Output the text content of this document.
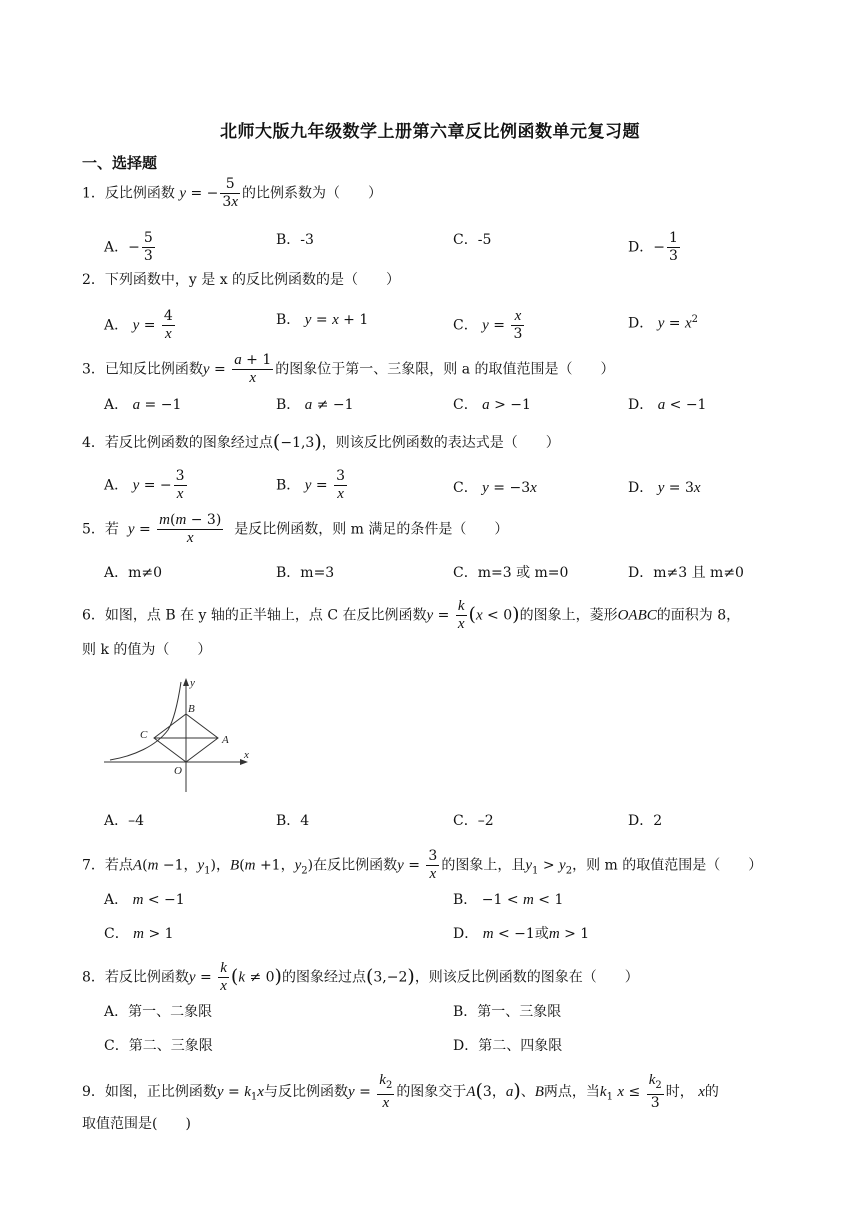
北师大版九年级数学上册第六章反比例函数单元复习题
一、选择题
1．反比例函数 y = − $\frac{5}{3x}$ 的比例系数为（　　）
A．− $\frac{5}{3}$	B．-3	C．-5	D．− $\frac{1}{3}$
2．下列函数中，y 是 x 的反比例函数的是（　　）
A． $y = \frac{4}{x}$	B． y = x + 1	C． $y = \frac{x}{3}$	D． $y = x^2$
3．已知反比例函数$y = \frac{a + 1}{x}$ 的图象位于第一、三象限，则 a 的取值范围是（　　）
A． a = −1	B． a ≠ −1	C． a > −1	D． a < −1
4．若反比例函数的图象经过点(−1,3)，则该反比例函数的表达式是（　　）
A． y = − $\frac{3}{x}$	B． $y = \frac{3}{x}$	C． y = −3x	D． y = 3x
5．若 $y = \frac{m(m - 3)}{x}$ 是反比例函数，则 m 满足的条件是（　　）
A．m≠0	B．m=3	C．m=3 或 m=0	D．m≠3 且 m≠0
6．如图，点 B 在 y 轴的正半轴上，点 C 在反比例函数$y = \frac{k}{x} (x < 0)$的图象上，菱形OABC的面积为 8，
则 k 的值为（　　）
y
x
B
C	A
O
A．–4	B．4	C．–2	D．2
7．若点A(m −1，$y_1$)，B(m +1，$y_2$)在反比例函数$y = \frac{3}{x}$ 的图象上，且$y_1 > y_2$，则 m 的取值范围是（　　）
A． m < −1	B． −1 < m < 1
C． m > 1	D． m < −1或m > 1
8．若反比例函数$y = \frac{k}{x} (k \ne 0)$的图象经过点(3,−2)，则该反比例函数的图象在（　　）
A．第一、二象限	B．第一、三象限
C．第二、三象限	D．第二、四象限
9．如图，正比例函数$y = k_1x$与反比例函数$y = \frac{k_2}{x}$ 的图象交于A(3，a)、B两点，当$k_1$ $x \le \frac{k_2}{3}$ 时， x的
取值范围是(　　)
